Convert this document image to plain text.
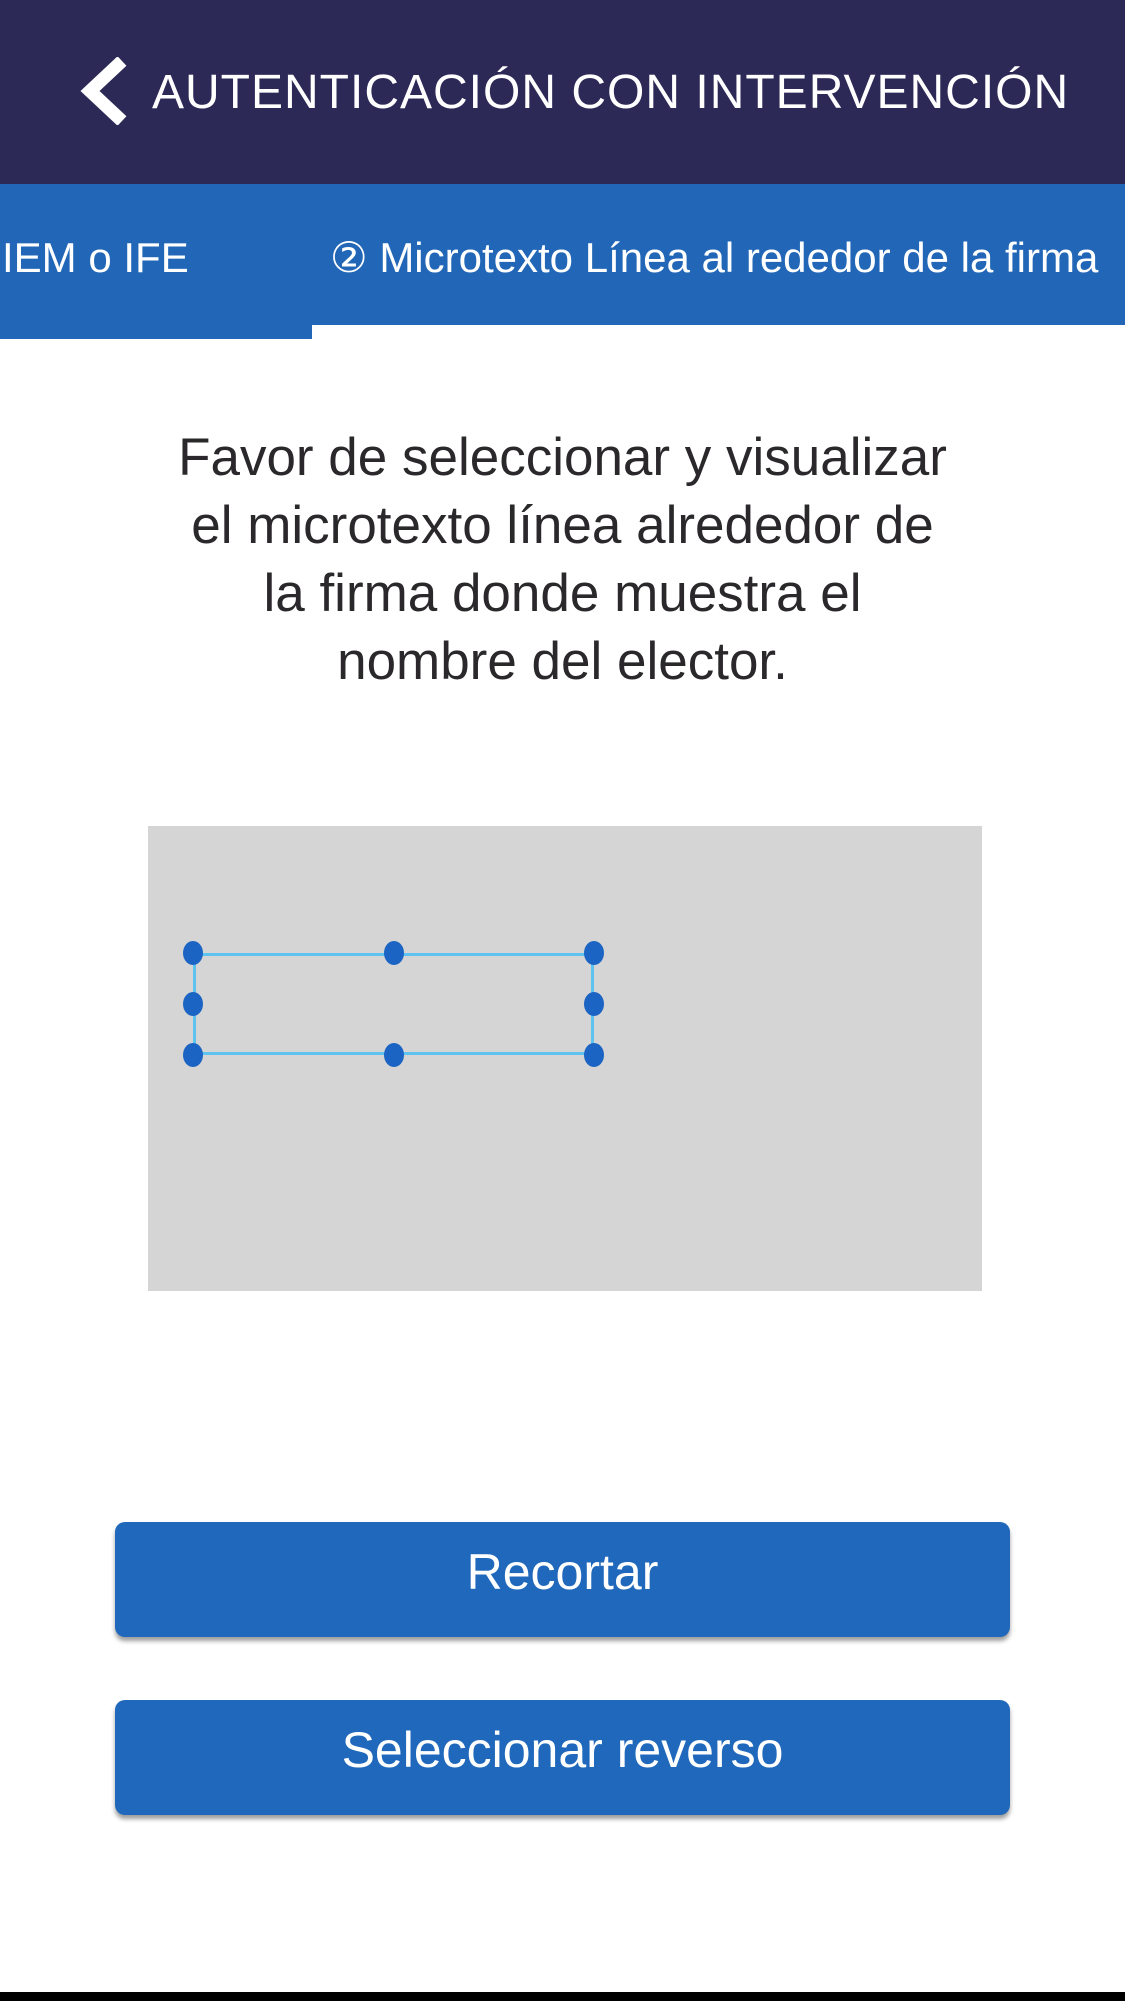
AUTENTICACIÓN CON INTERVENCIÓN
IEM o IFE	② Microtexto Línea al rededor de la firma
Favor de seleccionar y visualizar
el microtexto línea alrededor de
la firma donde muestra el
nombre del elector.
Recortar
Seleccionar reverso
